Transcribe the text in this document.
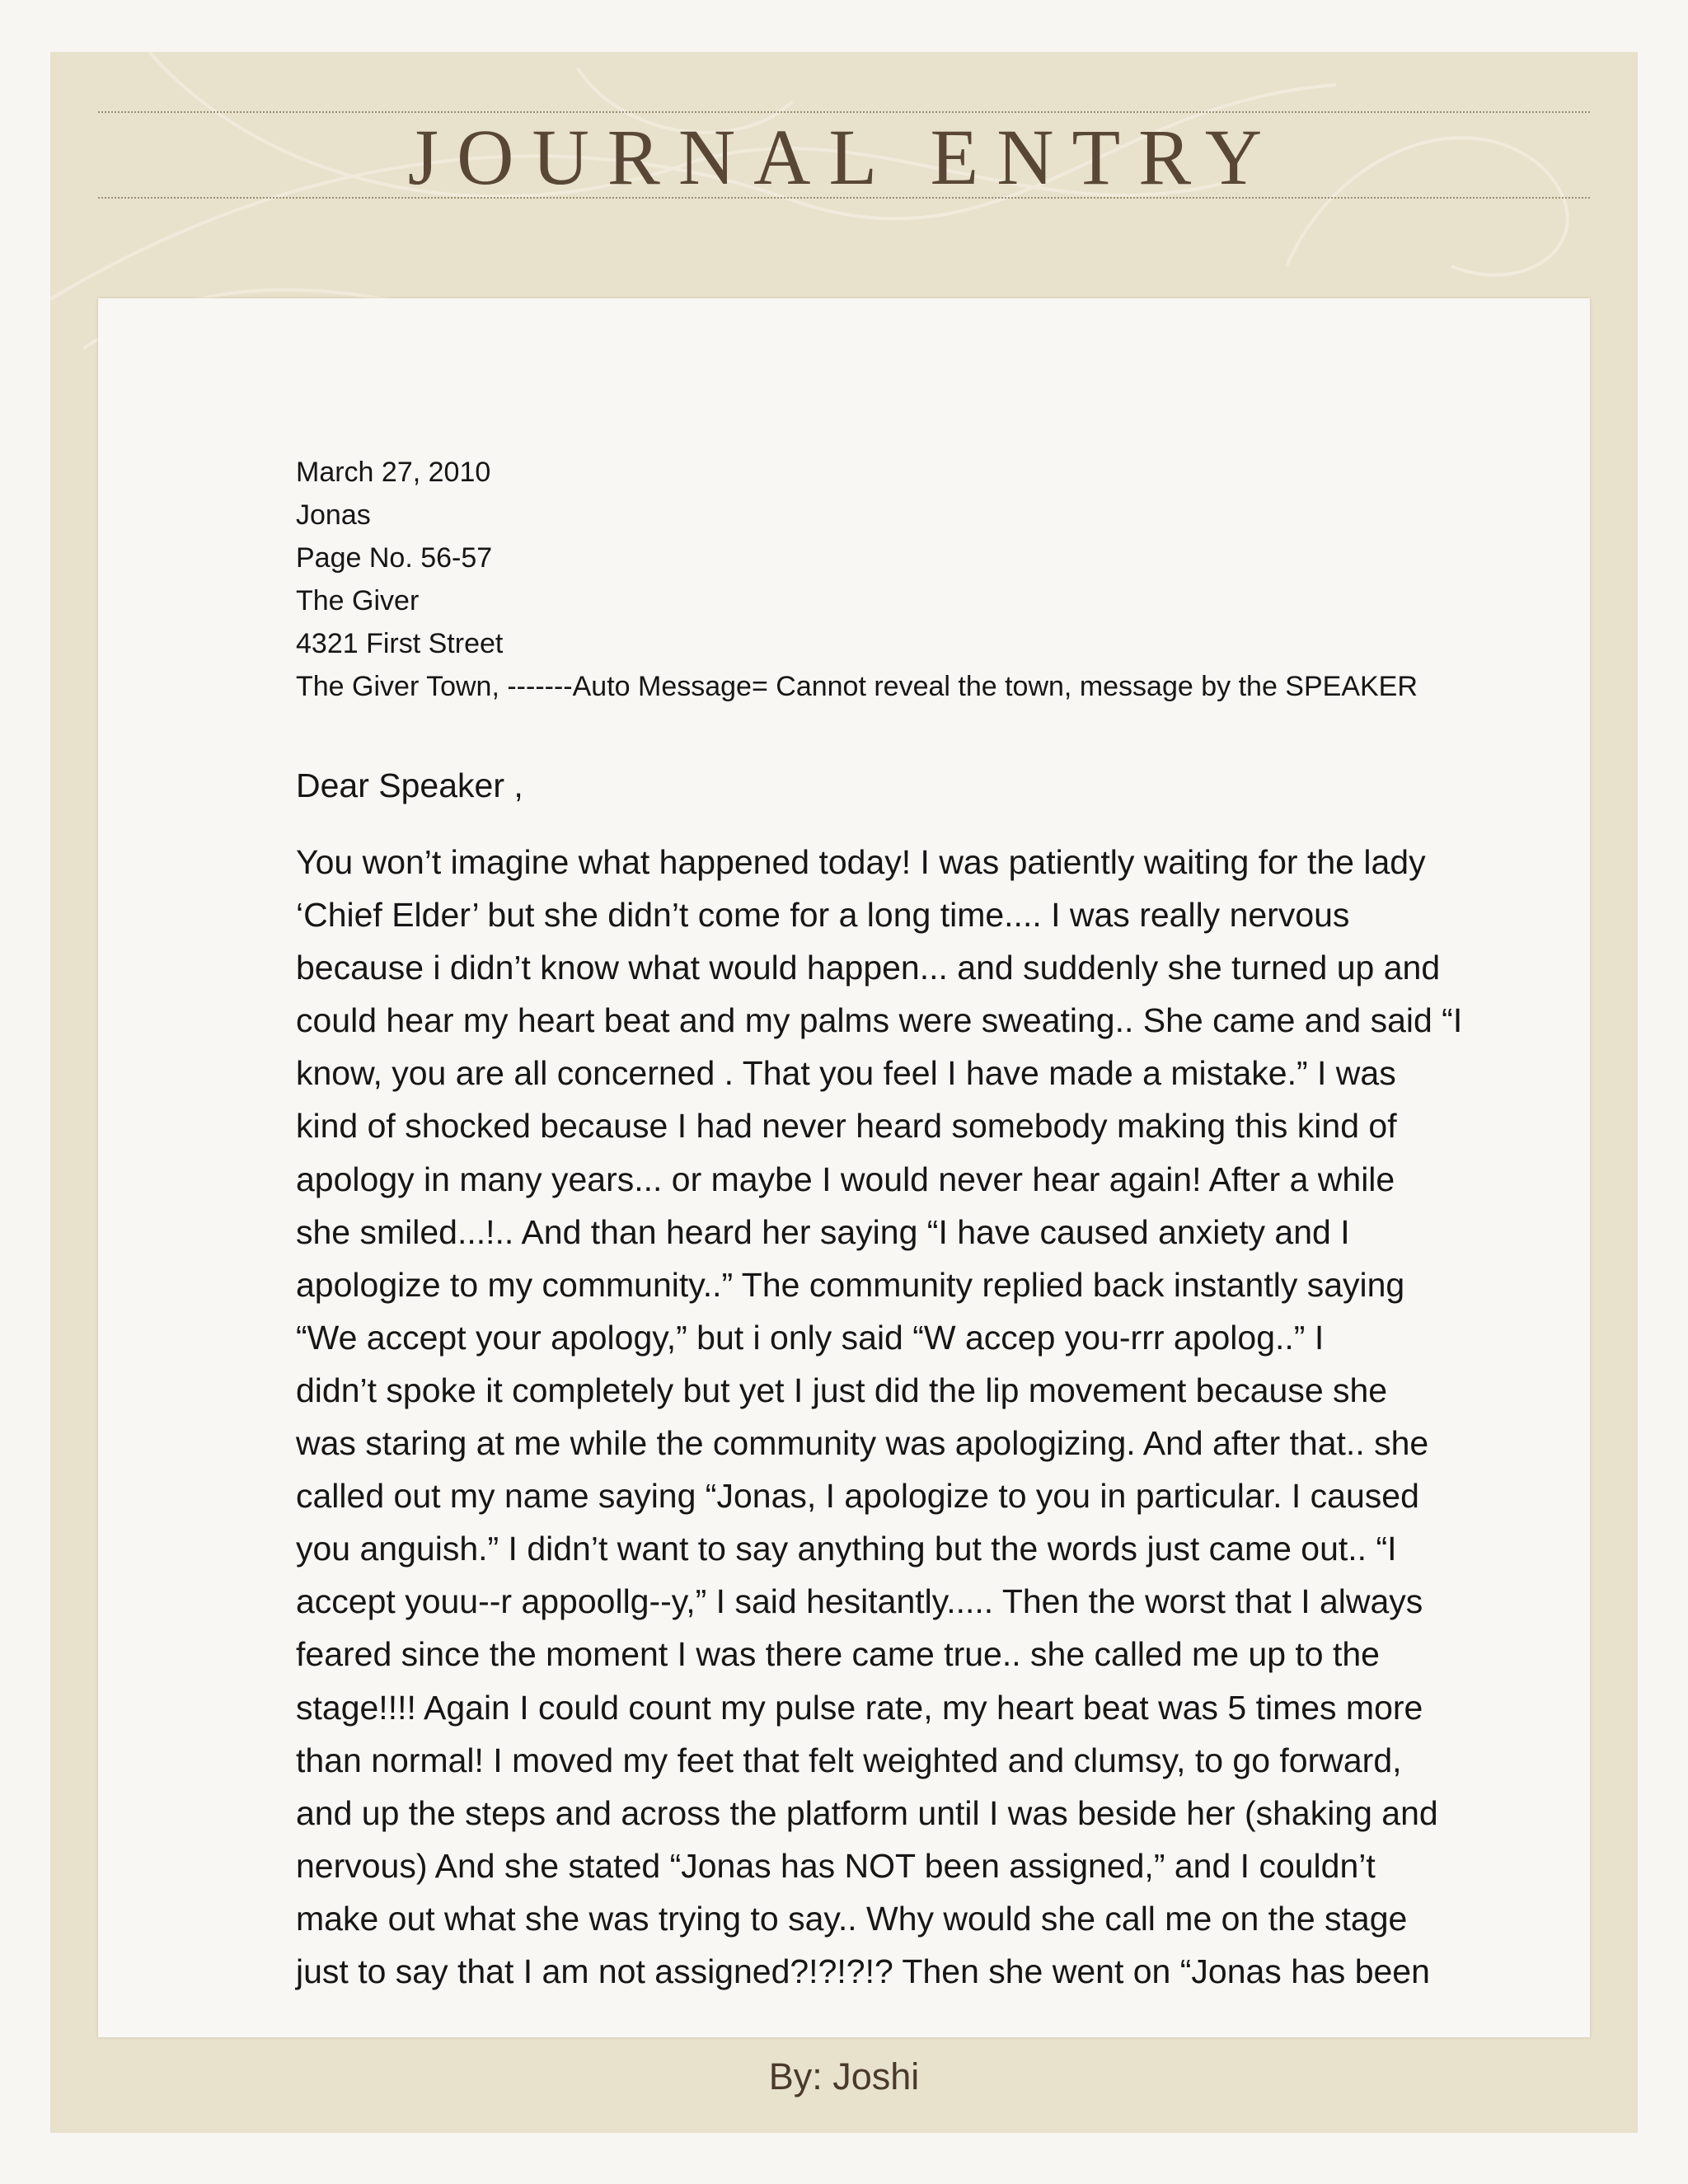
JOURNAL ENTRY
March 27, 2010
Jonas
Page No. 56-57
The Giver
4321 First Street
The Giver Town, -------Auto Message= Cannot reveal the town, message by the SPEAKER
Dear Speaker ,
You won’t imagine what happened today! I was patiently waiting for the lady
‘Chief Elder’ but she didn’t come for a long time.... I was really nervous
because i didn’t know what would happen... and suddenly she turned up and
could hear my heart beat and my palms were sweating.. She came and said “I
know, you are all concerned . That you feel I have made a mistake.” I was
kind of shocked because I had never heard somebody making this kind of
apology in many years... or maybe I would never hear again! After a while
she smiled...!.. And than heard her saying “I have caused anxiety and I
apologize to my community..” The community replied back instantly saying
“We accept your apology,” but i only said “W accep you-rrr apolog..” I
didn’t spoke it completely but yet I just did the lip movement because she
was staring at me while the community was apologizing. And after that.. she
called out my name saying “Jonas, I apologize to you in particular. I caused
you anguish.” I didn’t want to say anything but the words just came out.. “I
accept youu--r appoollg--y,” I said hesitantly..... Then the worst that I always
feared since the moment I was there came true.. she called me up to the
stage!!!! Again I could count my pulse rate, my heart beat was 5 times more
than normal! I moved my feet that felt weighted and clumsy, to go forward,
and up the steps and across the platform until I was beside her (shaking and
nervous) And she stated “Jonas has NOT been assigned,” and I couldn’t
make out what she was trying to say.. Why would she call me on the stage
just to say that I am not assigned?!?!?!? Then she went on “Jonas has been
By: Joshi
